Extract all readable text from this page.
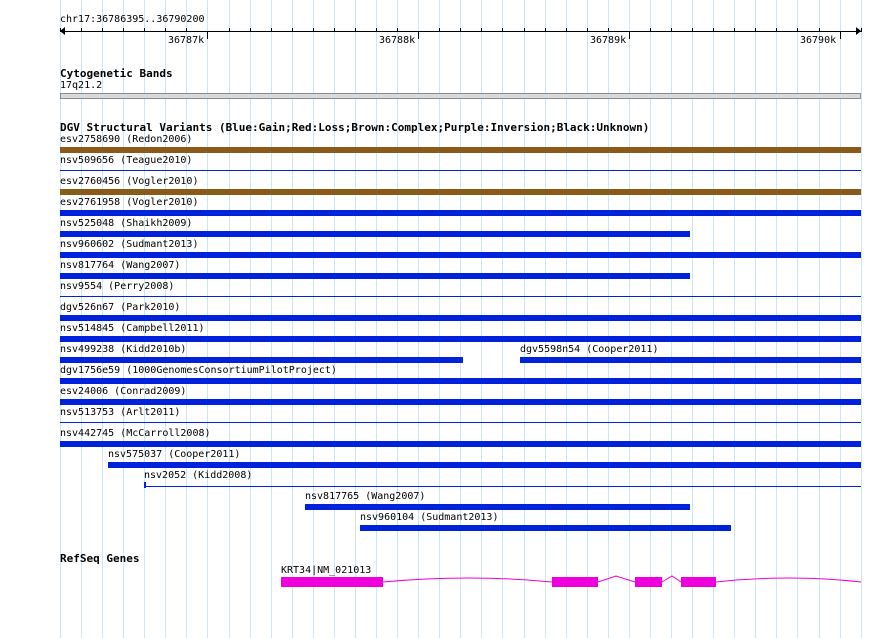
chr17:36786395..36790200
36787k	36788k	36789k	36790k
Cytogenetic Bands
17q21.2
DGV Structural Variants (Blue:Gain;Red:Loss;Brown:Complex;Purple:Inversion;Black:Unknown)
esv2758690 (Redon2006)
nsv509656 (Teague2010)
esv2760456 (Vogler2010)
esv2761958 (Vogler2010)
nsv525048 (Shaikh2009)
nsv960602 (Sudmant2013)
nsv817764 (Wang2007)
nsv9554 (Perry2008)
dgv526n67 (Park2010)
nsv514845 (Campbell2011)
nsv499238 (Kidd2010b)	dgv5598n54 (Cooper2011)
dgv1756e59 (1000GenomesConsortiumPilotProject)
esv24006 (Conrad2009)
nsv513753 (Arlt2011)
nsv442745 (McCarroll2008)
nsv575037 (Cooper2011)
nsv2052 (Kidd2008)
nsv817765 (Wang2007)
nsv960104 (Sudmant2013)
RefSeq Genes
KRT34|NM_021013
